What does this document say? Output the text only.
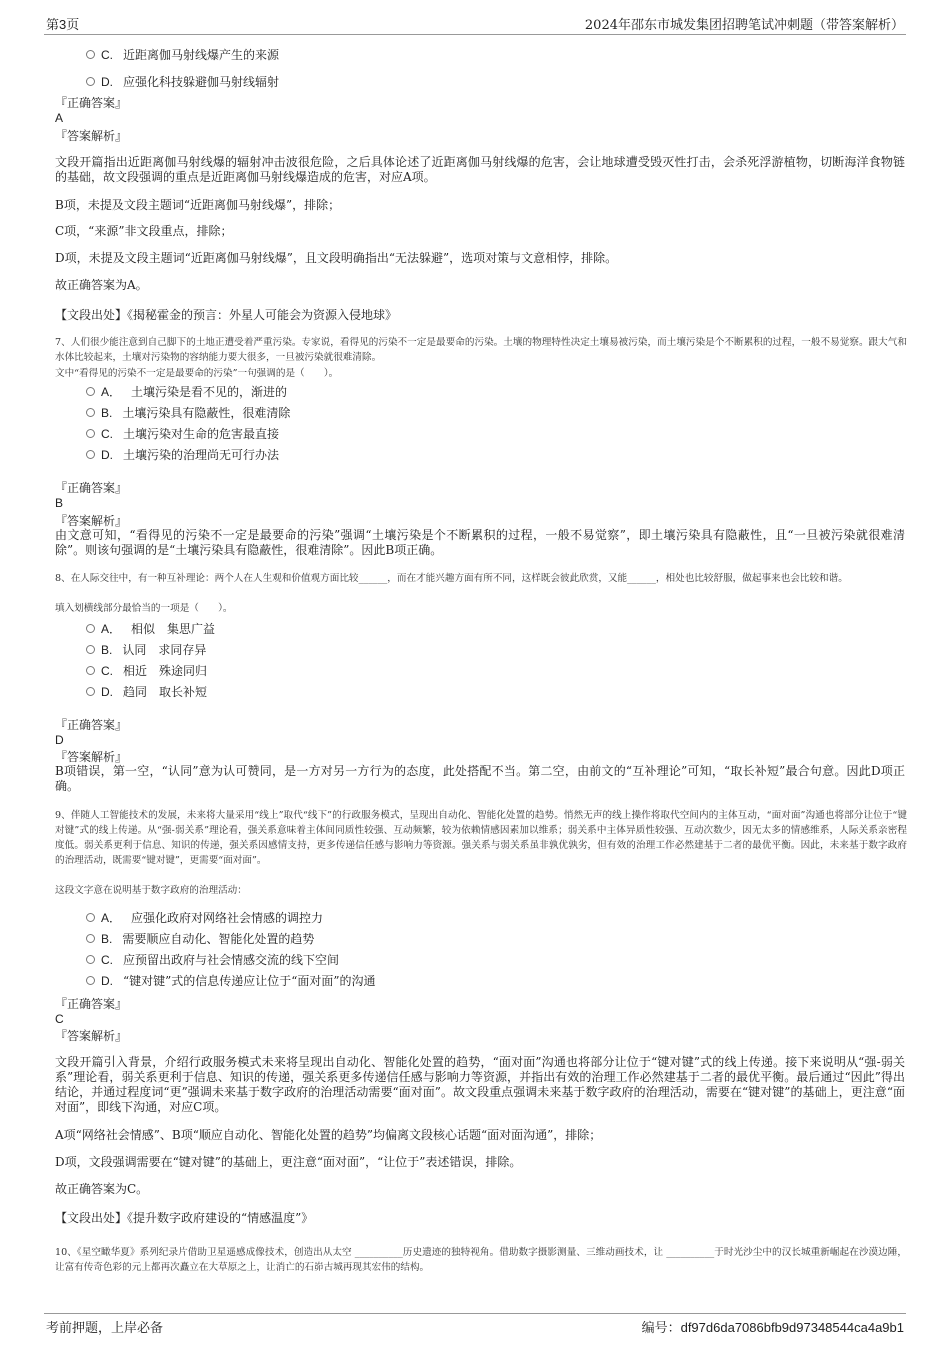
第3页	2024年邵东市城发集团招聘笔试冲刺题（带答案解析）
C. 近距离伽马射线爆产生的来源
D. 应强化科技躲避伽马射线辐射
『正确答案』
A
『答案解析』
文段开篇指出近距离伽马射线爆的辐射冲击波很危险，之后具体论述了近距离伽马射线爆的危害，会让地球遭受毁灭性打击，会杀死浮游植物，切断海洋食物链的基础，故文段强调的重点是近距离伽马射线爆造成的危害，对应A项。
B项，未提及文段主题词“近距离伽马射线爆”，排除；
C项，“来源”非文段重点，排除；
D项，未提及文段主题词“近距离伽马射线爆”，且文段明确指出“无法躲避”，选项对策与文意相悖，排除。
故正确答案为A。
【文段出处】《揭秘霍金的预言：外星人可能会为资源入侵地球》
7、人们很少能注意到自己脚下的土地正遭受着严重污染。专家说，看得见的污染不一定是最要命的污染。土壤的物理特性决定土壤易被污染，而土壤污染是个不断累积的过程，一般不易觉察。跟大气和水体比较起来，土壤对污染物的容纳能力要大很多，一旦被污染就很难清除。
文中“看得见的污染不一定是最要命的污染”一句强调的是（　　）。
A． 土壤污染是看不见的，渐进的
B. 土壤污染具有隐蔽性，很难清除
C. 土壤污染对生命的危害最直接
D. 土壤污染的治理尚无可行办法
『正确答案』
B
『答案解析』
由文意可知，“看得见的污染不一定是最要命的污染”强调“土壤污染是个不断累积的过程，一般不易觉察”，即土壤污染具有隐蔽性，且“一旦被污染就很难清除”。则该句强调的是“土壤污染具有隐蔽性，很难清除”。因此B项正确。
8、在人际交往中，有一种互补理论：两个人在人生观和价值观方面比较______，而在才能兴趣方面有所不同，这样既会彼此欣赏，又能______，相处也比较舒服，做起事来也会比较和谐。
填入划横线部分最恰当的一项是（　　）。
A． 相似　集思广益
B. 认同　求同存异
C. 相近　殊途同归
D. 趋同　取长补短
『正确答案』
D
『答案解析』
B项错误，第一空，“认同”意为认可赞同，是一方对另一方行为的态度，此处搭配不当。第二空，由前文的“互补理论”可知，“取长补短”最合句意。因此D项正确。
9、伴随人工智能技术的发展，未来将大量采用“线上”取代“线下”的行政服务模式，呈现出自动化、智能化处置的趋势。悄然无声的线上操作将取代空间内的主体互动，“面对面”沟通也将部分让位于“键对键”式的线上传递。从“强-弱关系”理论看，强关系意味着主体间同质性较强、互动频繁，较为依赖情感因素加以维系；弱关系中主体异质性较强、互动次数少，因无太多的情感维系，人际关系亲密程度低。弱关系更利于信息、知识的传递，强关系因感情支持，更多传递信任感与影响力等资源。强关系与弱关系虽非孰优孰劣，但有效的治理工作必然建基于二者的最优平衡。因此，未来基于数字政府的治理活动，既需要“键对键”，更需要“面对面”。
这段文字意在说明基于数字政府的治理活动：
A． 应强化政府对网络社会情感的调控力
B. 需要顺应自动化、智能化处置的趋势
C. 应预留出政府与社会情感交流的线下空间
D. “键对键”式的信息传递应让位于“面对面”的沟通
『正确答案』
C
『答案解析』
文段开篇引入背景，介绍行政服务模式未来将呈现出自动化、智能化处置的趋势，“面对面”沟通也将部分让位于“键对键”式的线上传递。接下来说明从“强-弱关系”理论看，弱关系更利于信息、知识的传递，强关系更多传递信任感与影响力等资源，并指出有效的治理工作必然建基于二者的最优平衡。最后通过“因此”得出结论，并通过程度词“更”强调未来基于数字政府的治理活动需要“面对面”。故文段重点强调未来基于数字政府的治理活动，需要在“键对键”的基础上，更注意“面对面”，即线下沟通，对应C项。
A项“网络社会情感”、B项“顺应自动化、智能化处置的趋势”均偏离文段核心话题“面对面沟通”，排除；
D项，文段强调需要在“键对键”的基础上，更注意“面对面”，“让位于”表述错误，排除。
故正确答案为C。
【文段出处】《提升数字政府建设的“情感温度”》
10、《星空瞰华夏》系列纪录片借助卫星遥感成像技术，创造出从太空 __________历史遗迹的独特视角。借助数字摄影测量、三维动画技术，让 __________于时光沙尘中的汉长城重新崛起在沙漠边陲，让富有传奇色彩的元上都再次矗立在大草原之上，让消亡的石峁古城再现其宏伟的结构。
考前押题，上岸必备	编号：df97d6da7086bfb9d97348544ca4a9b1
